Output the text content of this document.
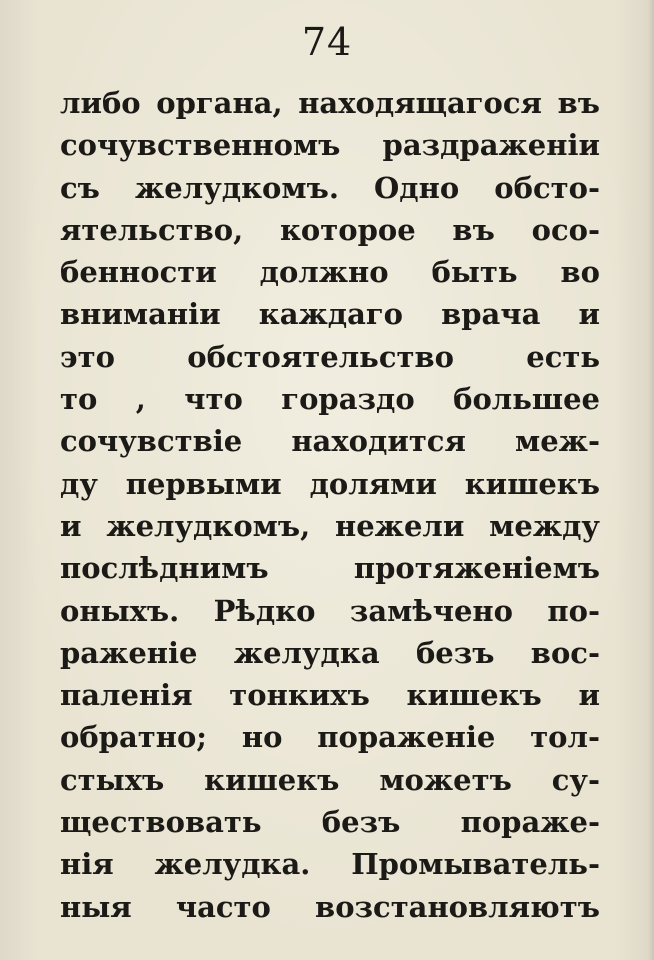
74
либо органа, находящагося въ
сочувственномъ раздраженіи
съ желудкомъ. Одно обсто-
ятельство, которое въ осо-
бенности должно быть во
вниманіи каждаго врача и
это обстоятельство есть
то , что гораздо большее
сочувствіе находится меж-
ду первыми долями кишекъ
и желудкомъ, нежели между
послѣднимъ протяженіемъ
оныхъ. Рѣдко замѣчено по-
раженіе желудка безъ вос-
паленія тонкихъ кишекъ и
обратно; но пораженіе тол-
стыхъ кишекъ можетъ су-
ществовать безъ пораже-
нія желудка. Промыватель-
ныя часто возстановляютъ
